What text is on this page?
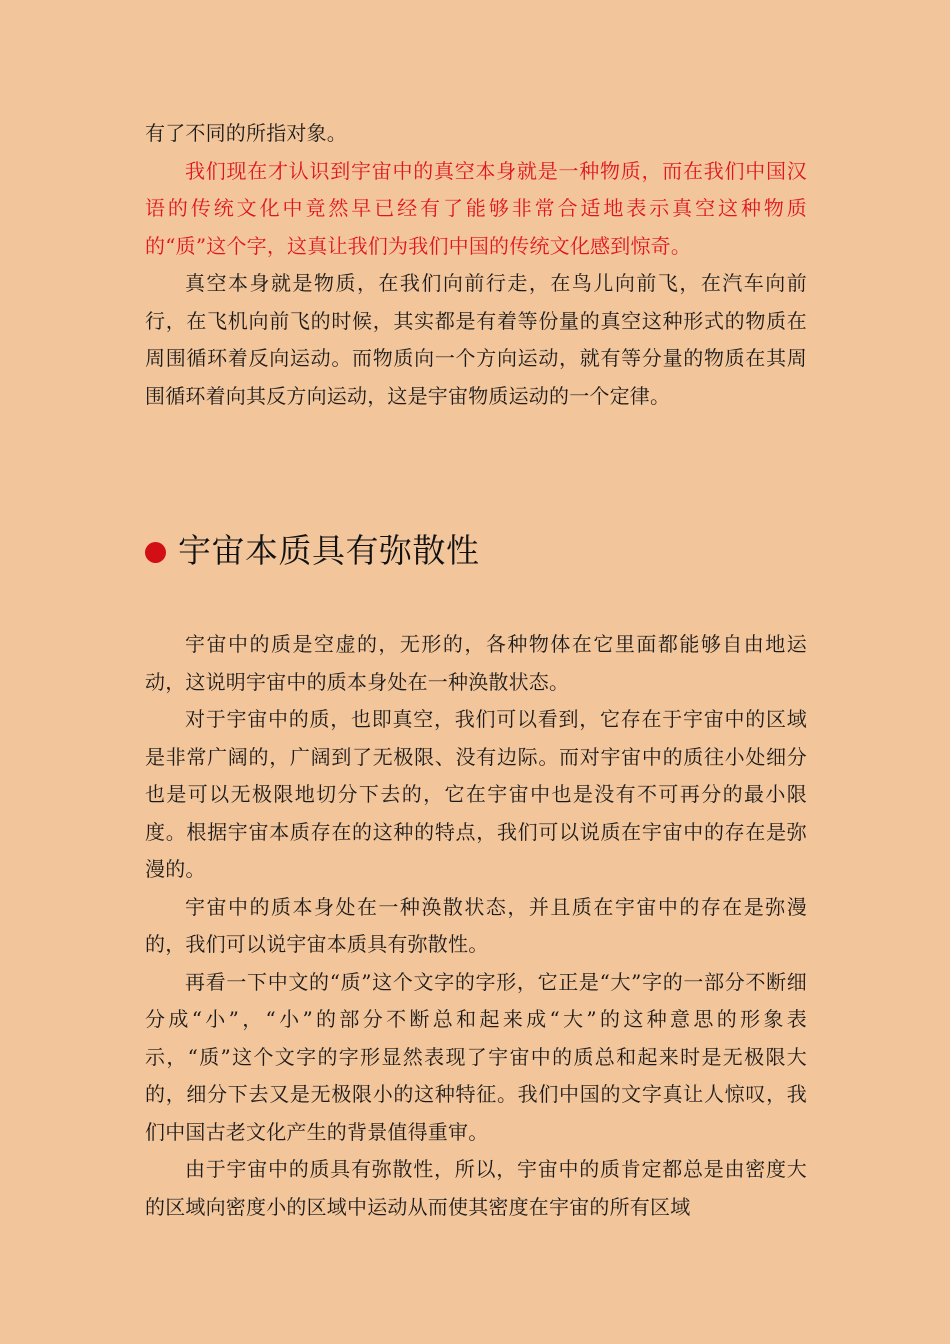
有了不同的所指对象。

我们现在才认识到宇宙中的真空本身就是一种物质，而在我们中国汉语的传统文化中竟然早已经有了能够非常合适地表示真空这种物质的“质”这个字，这真让我们为我们中国的传统文化感到惊奇。

真空本身就是物质，在我们向前行走，在鸟儿向前飞，在汽车向前行，在飞机向前飞的时候，其实都是有着等份量的真空这种形式的物质在周围循环着反向运动。而物质向一个方向运动，就有等分量的物质在其周围循环着向其反方向运动，这是宇宙物质运动的一个定律。

宇宙本质具有弥散性

宇宙中的质是空虚的，无形的，各种物体在它里面都能够自由地运动，这说明宇宙中的质本身处在一种涣散状态。

对于宇宙中的质，也即真空，我们可以看到，它存在于宇宙中的区域是非常广阔的，广阔到了无极限、没有边际。而对宇宙中的质往小处细分也是可以无极限地切分下去的，它在宇宙中也是没有不可再分的最小限度。根据宇宙本质存在的这种的特点，我们可以说质在宇宙中的存在是弥漫的。

宇宙中的质本身处在一种涣散状态，并且质在宇宙中的存在是弥漫的，我们可以说宇宙本质具有弥散性。

再看一下中文的“质”这个文字的字形，它正是“大”字的一部分不断细分成“小”，“小”的部分不断总和起来成“大”的这种意思的形象表示，“质”这个文字的字形显然表现了宇宙中的质总和起来时是无极限大的，细分下去又是无极限小的这种特征。我们中国的文字真让人惊叹，我们中国古老文化产生的背景值得重审。

由于宇宙中的质具有弥散性，所以，宇宙中的质肯定都总是由密度大的区域向密度小的区域中运动从而使其密度在宇宙的所有区域
